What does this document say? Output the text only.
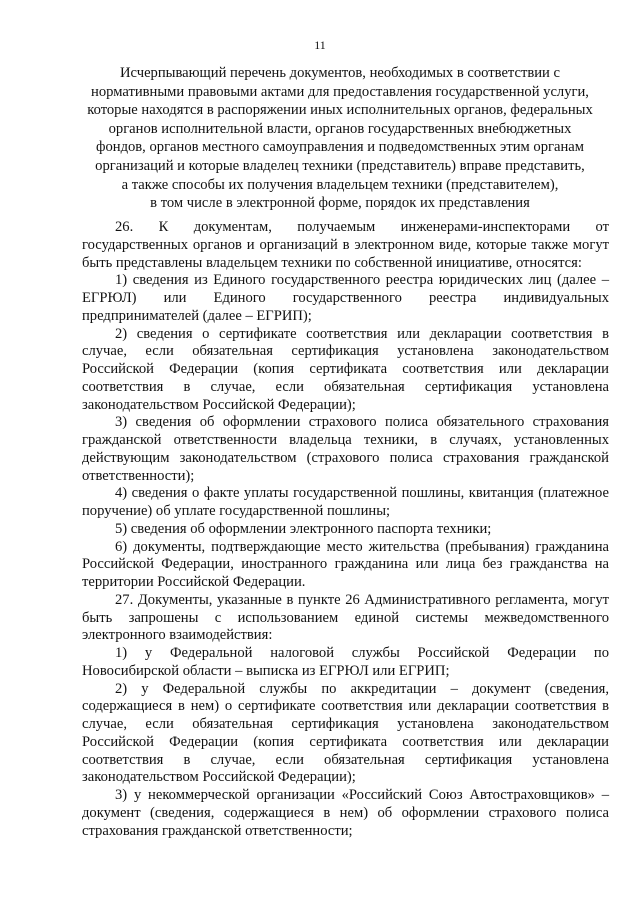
11
Исчерпывающий перечень документов, необходимых в соответствии с
нормативными правовыми актами для предоставления государственной услуги,
которые находятся в распоряжении иных исполнительных органов, федеральных
органов исполнительной власти, органов государственных внебюджетных
фондов, органов местного самоуправления и подведомственных этим органам
организаций и которые владелец техники (представитель) вправе представить,
а также способы их получения владельцем техники (представителем),
в том числе в электронной форме, порядок их представления

26. К документам, получаемым инженерами-инспекторами от государственных органов и организаций в электронном виде, которые также могут быть представлены владельцем техники по собственной инициативе, относятся:

1) сведения из Единого государственного реестра юридических лиц (далее – ЕГРЮЛ) или Единого государственного реестра индивидуальных предпринимателей (далее – ЕГРИП);

2) сведения о сертификате соответствия или декларации соответствия в случае, если обязательная сертификация установлена законодательством Российской Федерации (копия сертификата соответствия или декларации соответствия в случае, если обязательная сертификация установлена законодательством Российской Федерации);

3) сведения об оформлении страхового полиса обязательного страхования гражданской ответственности владельца техники, в случаях, установленных действующим законодательством (страхового полиса страхования гражданской ответственности);

4) сведения о факте уплаты государственной пошлины, квитанция (платежное поручение) об уплате государственной пошлины;

5) сведения об оформлении электронного паспорта техники;

6) документы, подтверждающие место жительства (пребывания) гражданина Российской Федерации, иностранного гражданина или лица без гражданства на территории Российской Федерации.

27. Документы, указанные в пункте 26 Административного регламента, могут быть запрошены с использованием единой системы межведомственного электронного взаимодействия:

1) у Федеральной налоговой службы Российской Федерации по Новосибирской области – выписка из ЕГРЮЛ или ЕГРИП;

2) у Федеральной службы по аккредитации – документ (сведения, содержащиеся в нем) о сертификате соответствия или декларации соответствия в случае, если обязательная сертификация установлена законодательством Российской Федерации (копия сертификата соответствия или декларации соответствия в случае, если обязательная сертификация установлена законодательством Российской Федерации);

3) у некоммерческой организации «Российский Союз Автостраховщиков» – документ (сведения, содержащиеся в нем) об оформлении страхового полиса страхования гражданской ответственности;
